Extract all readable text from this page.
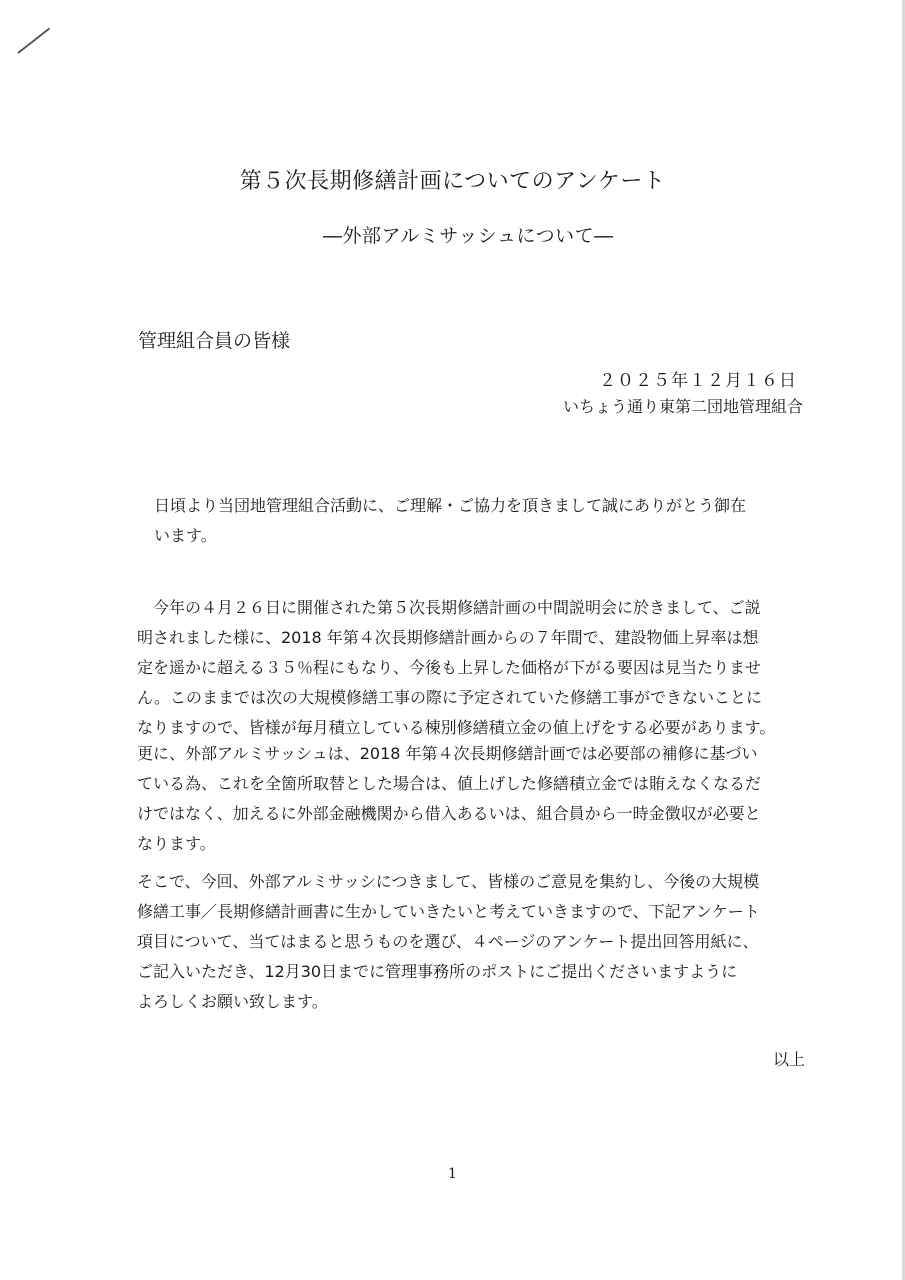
第５次長期修繕計画についてのアンケート
―外部アルミサッシュについて―
管理組合員の皆様
２０２５年１２月１６日
いちょう通り東第二団地管理組合

日頃より当団地管理組合活動に、ご理解・ご協力を頂きまして誠にありがとう御在
います。

　今年の４月２６日に開催された第５次長期修繕計画の中間説明会に於きまして、ご説
明されました様に、2018 年第４次長期修繕計画からの７年間で、建設物価上昇率は想
定を遥かに超える３５％程にもなり、今後も上昇した価格が下がる要因は見当たりませ
ん。このままでは次の大規模修繕工事の際に予定されていた修繕工事ができないことに
なりますので、皆様が毎月積立している棟別修繕積立金の値上げをする必要があります。

更に、外部アルミサッシュは、2018 年第４次長期修繕計画では必要部の補修に基づい
ている為、これを全箇所取替とした場合は、値上げした修繕積立金では賄えなくなるだ
けではなく、加えるに外部金融機関から借入あるいは、組合員から一時金徴収が必要と
なります。

そこで、今回、外部アルミサッシにつきまして、皆様のご意見を集約し、今後の大規模
修繕工事／長期修繕計画書に生かしていきたいと考えていきますので、下記アンケート
項目について、当てはまると思うものを選び、４ページのアンケート提出回答用紙に、
ご記入いただき、12月30日までに管理事務所のポストにご提出くださいますように
よろしくお願い致します。

以上
1
